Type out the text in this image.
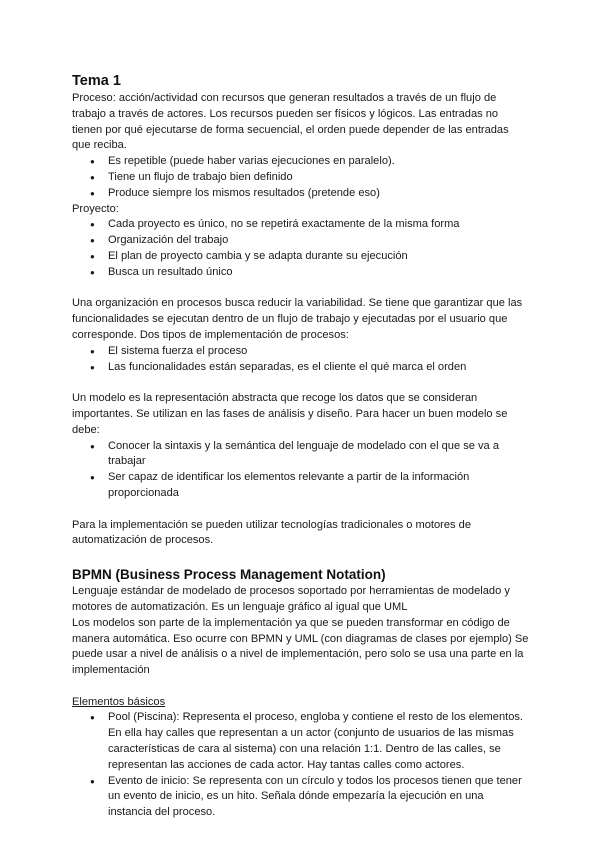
Tema 1

Proceso: acción/actividad con recursos que generan resultados a través de un flujo de trabajo a través de actores. Los recursos pueden ser físicos y lógicos. Las entradas no tienen por qué ejecutarse de forma secuencial, el orden puede depender de las entradas que reciba.

● Es repetible (puede haber varias ejecuciones en paralelo).
● Tiene un flujo de trabajo bien definido
● Produce siempre los mismos resultados (pretende eso)

Proyecto:

● Cada proyecto es único, no se repetirá exactamente de la misma forma
● Organización del trabajo
● El plan de proyecto cambia y se adapta durante su ejecución
● Busca un resultado único

Una organización en procesos busca reducir la variabilidad. Se tiene que garantizar que las funcionalidades se ejecutan dentro de un flujo de trabajo y ejecutadas por el usuario que corresponde. Dos tipos de implementación de procesos:

● El sistema fuerza el proceso
● Las funcionalidades están separadas, es el cliente el qué marca el orden

Un modelo es la representación abstracta que recoge los datos que se consideran importantes. Se utilizan en las fases de análisis y diseño. Para hacer un buen modelo se debe:

● Conocer la sintaxis y la semántica del lenguaje de modelado con el que se va a trabajar
● Ser capaz de identificar los elementos relevante a partir de la información proporcionada

Para la implementación se pueden utilizar tecnologías tradicionales o motores de automatización de procesos.

BPMN (Business Process Management Notation)

Lenguaje estándar de modelado de procesos soportado por herramientas de modelado y motores de automatización. Es un lenguaje gráfico al igual que UML

Los modelos son parte de la implementación ya que se pueden transformar en código de manera automática. Eso ocurre con BPMN y UML (con diagramas de clases por ejemplo) Se puede usar a nivel de análisis o a nivel de implementación, pero solo se usa una parte en la implementación

Elementos básicos

● Pool (Piscina): Representa el proceso, engloba y contiene el resto de los elementos. En ella hay calles que representan a un actor (conjunto de usuarios de las mismas características de cara al sistema) con una relación 1:1. Dentro de las calles, se representan las acciones de cada actor. Hay tantas calles como actores.
● Evento de inicio: Se representa con un círculo y todos los procesos tienen que tener un evento de inicio, es un hito. Señala dónde empezaría la ejecución en una instancia del proceso.
